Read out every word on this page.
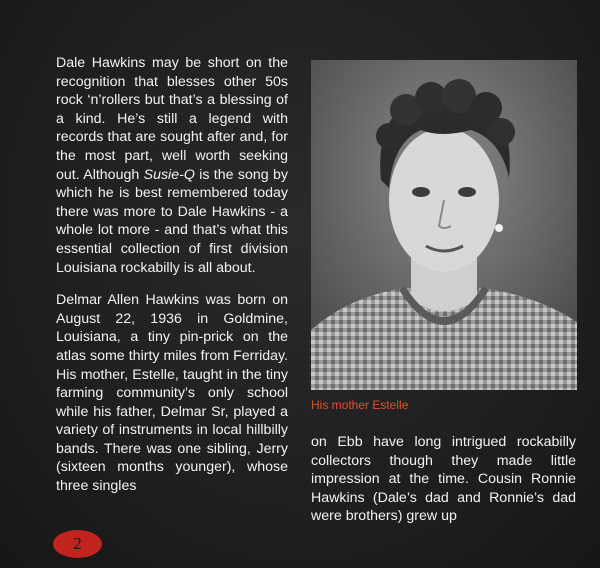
Dale Hawkins may be short on the recognition that blesses other 50s rock ‘n’rollers but that’s a blessing of a kind. He’s still a legend with records that are sought after and, for the most part, well worth seeking out. Although Susie-Q is the song by which he is best remembered today there was more to Dale Hawkins - a whole lot more - and that’s what this essential collection of first division Louisiana rockabilly is all about.

Delmar Allen Hawkins was born on August 22, 1936 in Goldmine, Louisiana, a tiny pin-prick on the atlas some thirty miles from Ferriday. His mother, Estelle, taught in the tiny farming community’s only school while his father, Delmar Sr, played a variety of instruments in local hillbilly bands. There was one sibling, Jerry (sixteen months younger), whose three singles

His mother Estelle

on Ebb have long intrigued rockabilly collectors though they made little impression at the time. Cousin Ronnie Hawkins (Dale’s dad and Ronnie’s dad were brothers) grew up

2
